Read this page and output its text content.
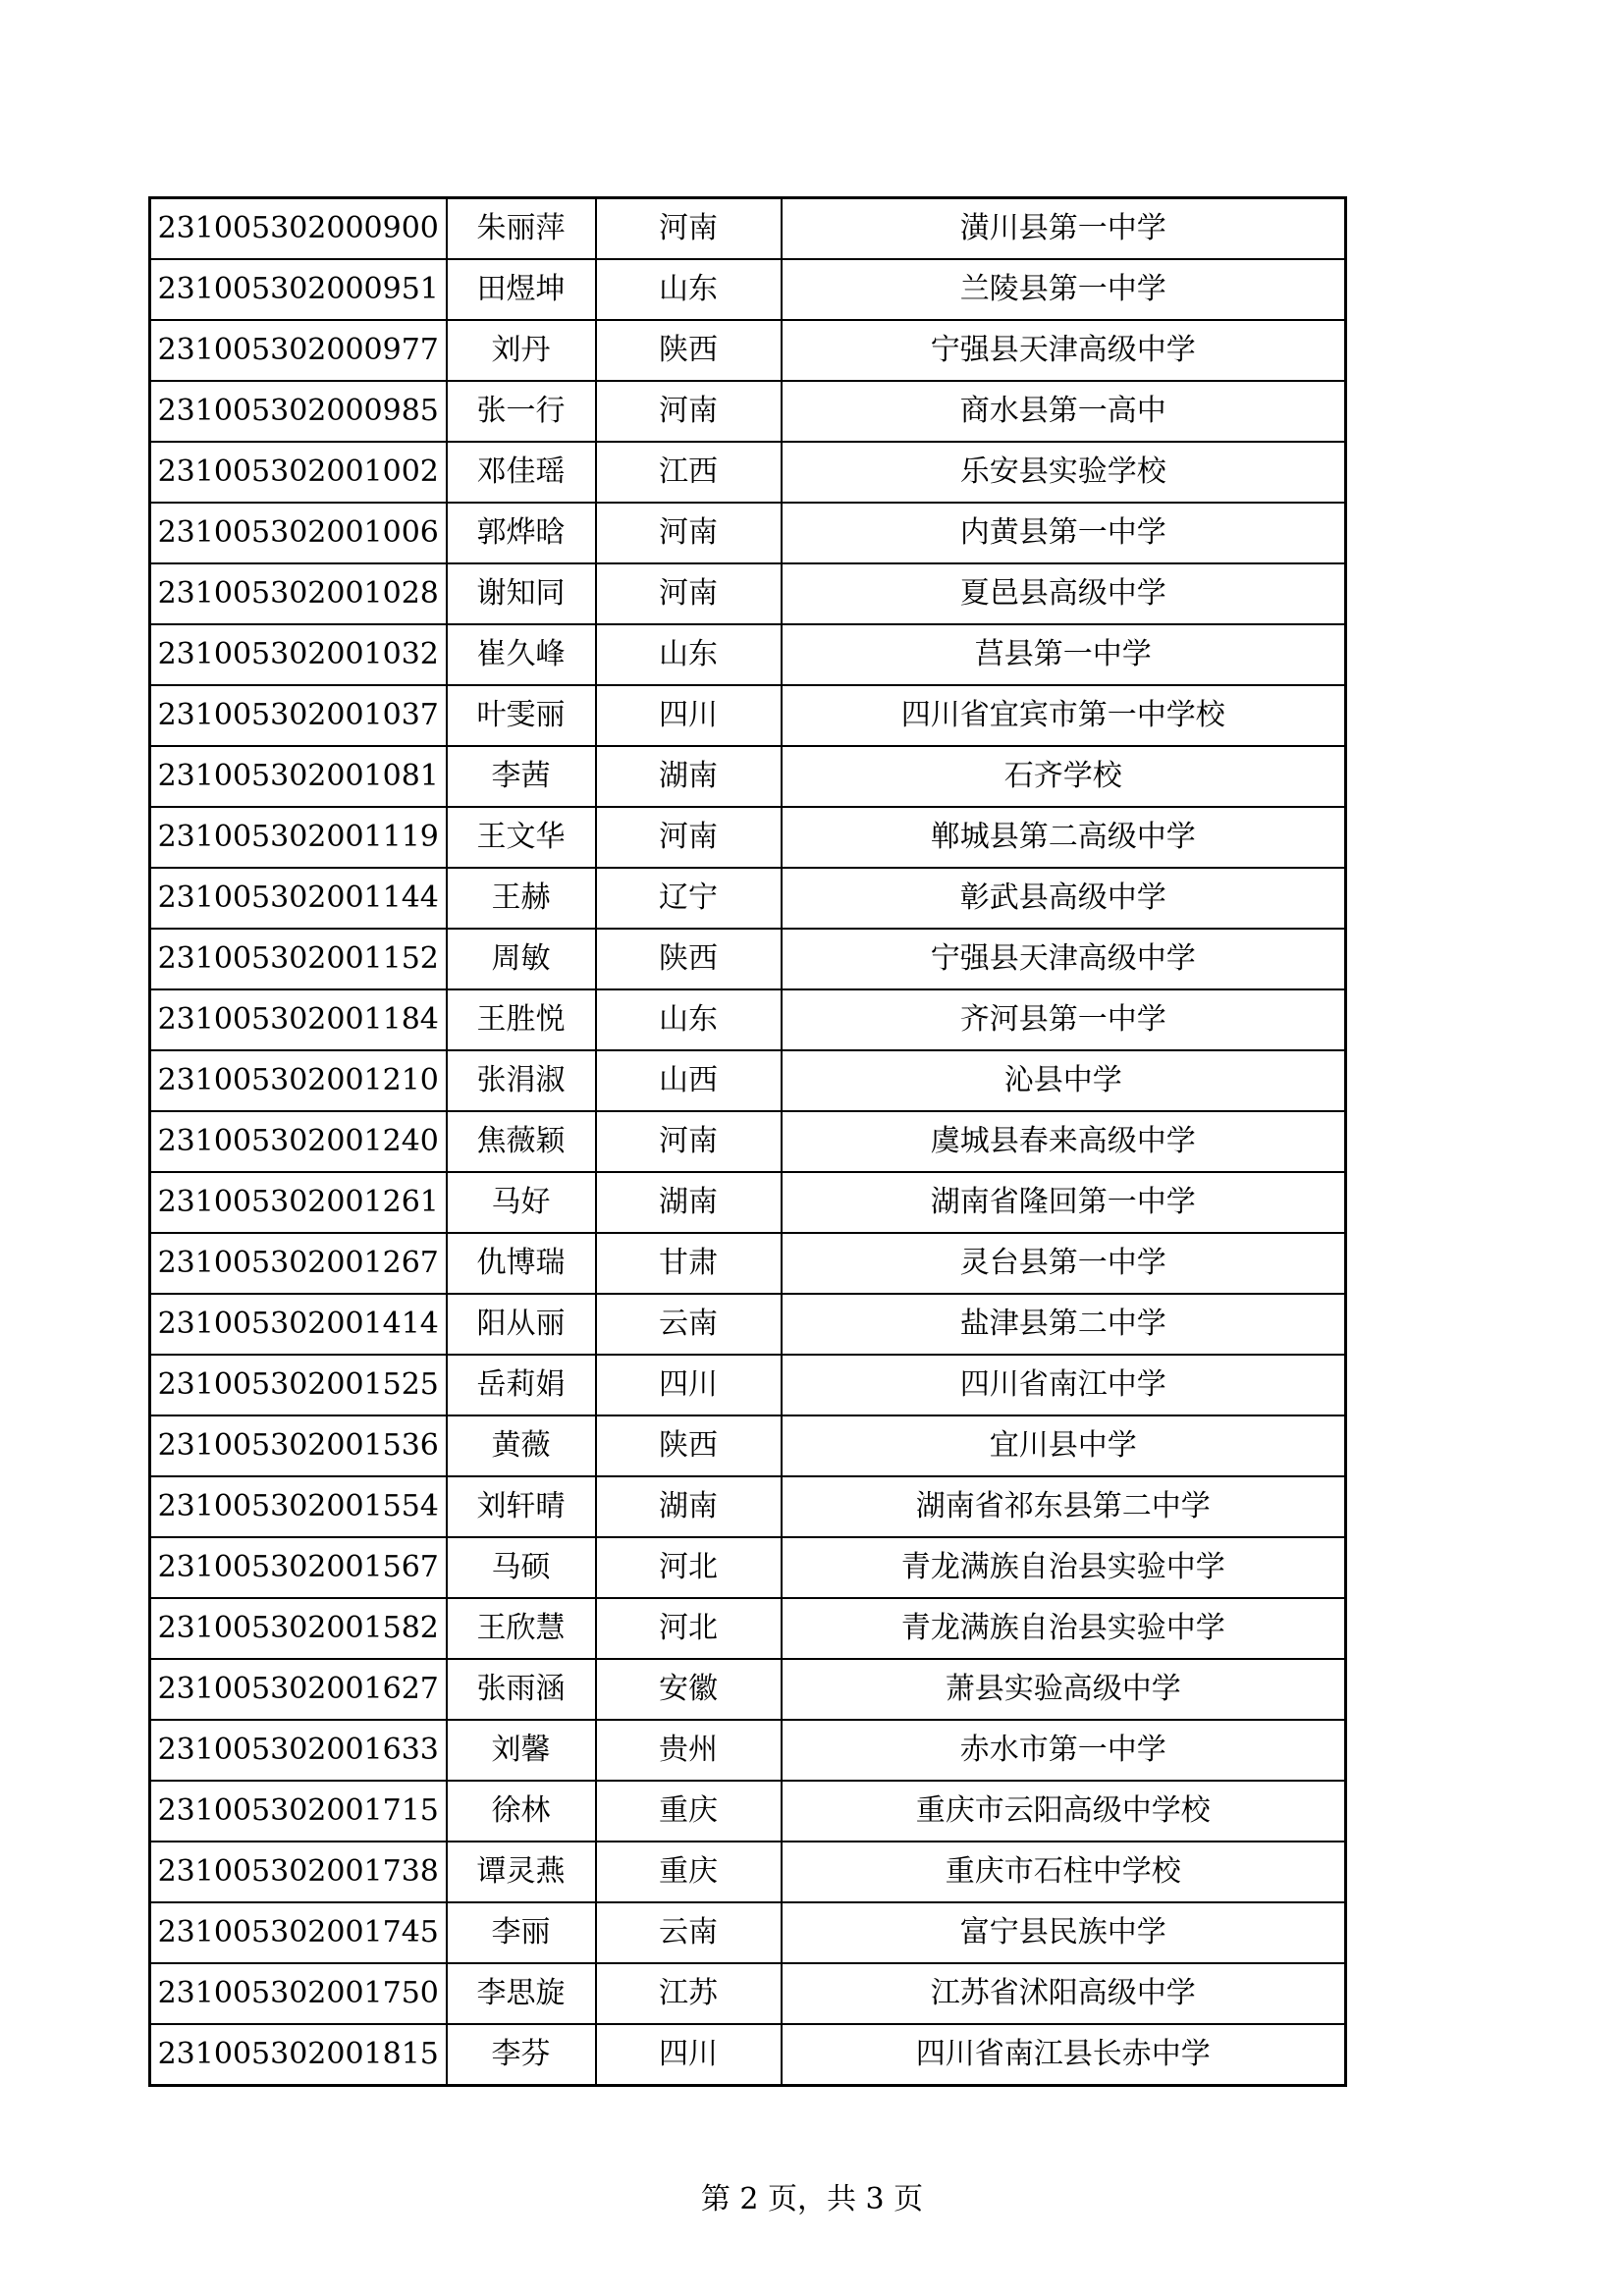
231005302000900	朱丽萍	河南	潢川县第一中学
231005302000951	田煜坤	山东	兰陵县第一中学
231005302000977	刘丹	陕西	宁强县天津高级中学
231005302000985	张一行	河南	商水县第一高中
231005302001002	邓佳瑶	江西	乐安县实验学校
231005302001006	郭烨晗	河南	内黄县第一中学
231005302001028	谢知同	河南	夏邑县高级中学
231005302001032	崔久峰	山东	莒县第一中学
231005302001037	叶雯丽	四川	四川省宜宾市第一中学校
231005302001081	李茜	湖南	石齐学校
231005302001119	王文华	河南	郸城县第二高级中学
231005302001144	王赫	辽宁	彰武县高级中学
231005302001152	周敏	陕西	宁强县天津高级中学
231005302001184	王胜悦	山东	齐河县第一中学
231005302001210	张涓淑	山西	沁县中学
231005302001240	焦薇颖	河南	虞城县春来高级中学
231005302001261	马好	湖南	湖南省隆回第一中学
231005302001267	仇博瑞	甘肃	灵台县第一中学
231005302001414	阳从丽	云南	盐津县第二中学
231005302001525	岳莉娟	四川	四川省南江中学
231005302001536	黄薇	陕西	宜川县中学
231005302001554	刘轩晴	湖南	湖南省祁东县第二中学
231005302001567	马硕	河北	青龙满族自治县实验中学
231005302001582	王欣慧	河北	青龙满族自治县实验中学
231005302001627	张雨涵	安徽	萧县实验高级中学
231005302001633	刘馨	贵州	赤水市第一中学
231005302001715	徐林	重庆	重庆市云阳高级中学校
231005302001738	谭灵燕	重庆	重庆市石柱中学校
231005302001745	李丽	云南	富宁县民族中学
231005302001750	李思旋	江苏	江苏省沭阳高级中学
231005302001815	李芬	四川	四川省南江县长赤中学
第 2 页，共 3 页
